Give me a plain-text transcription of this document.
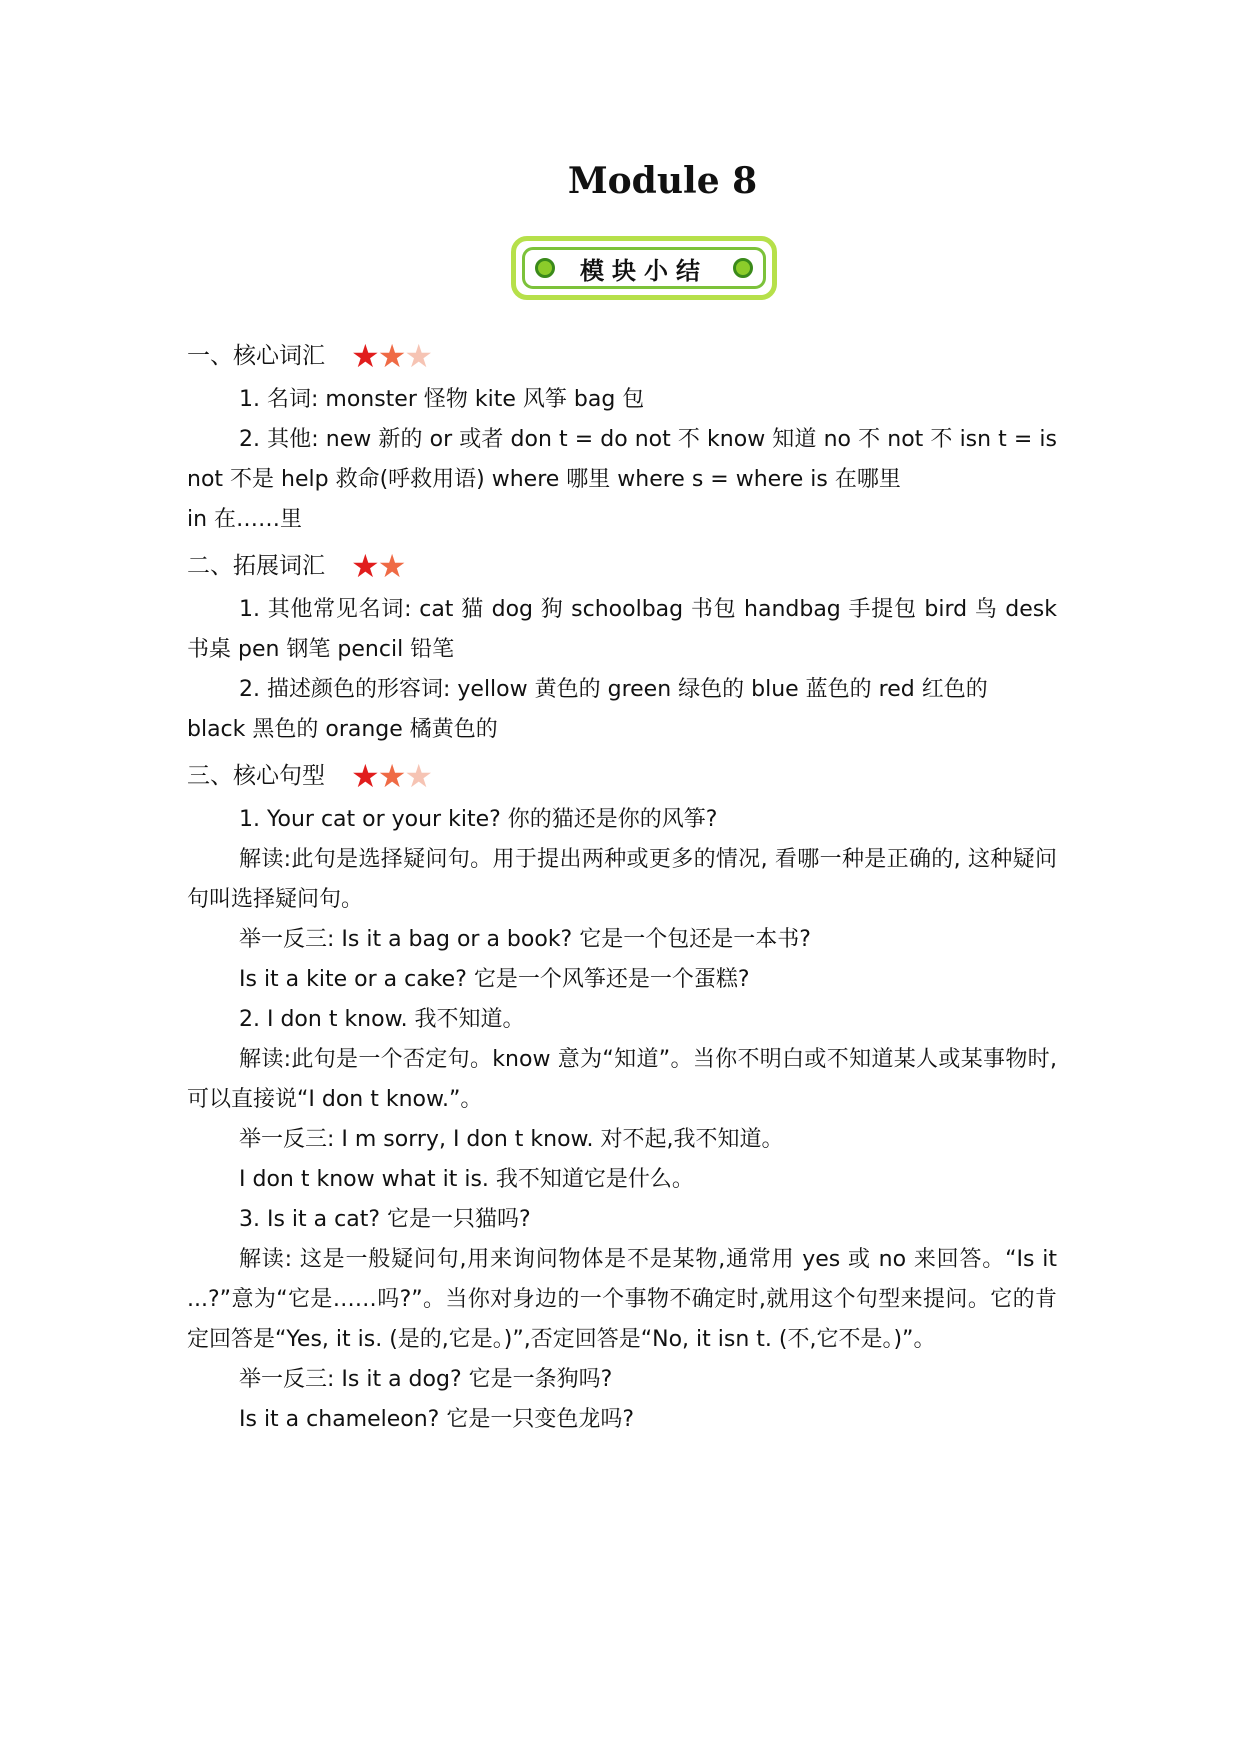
Module 8
模块小结
一、核心词汇 ★ ★ ★

1. 名词: monster 怪物 kite 风筝 bag 包

2. 其他: new 新的 or 或者 don t = do not 不 know 知道 no 不 not 不 isn t = is not 不是 help 救命(呼救用语) where 哪里 where s = where is 在哪里

in 在……里

二、拓展词汇 ★ ★

1. 其他常见名词: cat 猫 dog 狗 schoolbag 书包 handbag 手提包 bird 鸟 desk 书桌 pen 钢笔 pencil 铅笔

2. 描述颜色的形容词: yellow 黄色的 green 绿色的 blue 蓝色的 red 红色的

black 黑色的 orange 橘黄色的

三、核心句型 ★ ★ ★

1. Your cat or your kite? 你的猫还是你的风筝?

解读:此句是选择疑问句。用于提出两种或更多的情况, 看哪一种是正确的, 这种疑问句叫选择疑问句。

举一反三: Is it a bag or a book? 它是一个包还是一本书?

Is it a kite or a cake? 它是一个风筝还是一个蛋糕?

2. I don t know. 我不知道。

解读:此句是一个否定句。know 意为“知道”。当你不明白或不知道某人或某事物时,可以直接说“I don t know.”。

举一反三: I m sorry, I don t know. 对不起,我不知道。

I don t know what it is. 我不知道它是什么。

3. Is it a cat? 它是一只猫吗?

解读: 这是一般疑问句,用来询问物体是不是某物,通常用 yes 或 no 来回答。“Is it ...?”意为“它是……吗?”。当你对身边的一个事物不确定时,就用这个句型来提问。它的肯定回答是“Yes, it is. (是的,它是。)”,否定回答是“No, it isn t. (不,它不是。)”。

举一反三: Is it a dog? 它是一条狗吗?

Is it a chameleon? 它是一只变色龙吗?
